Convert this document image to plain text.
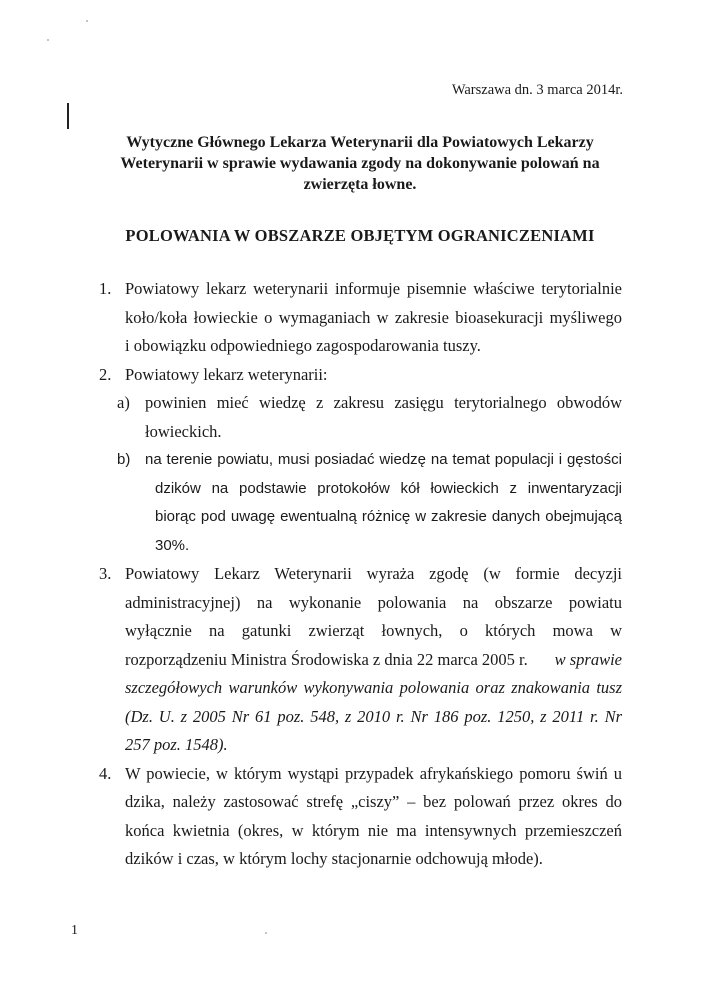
Warszawa dn. 3 marca 2014r.
Wytyczne Głównego Lekarza Weterynarii dla Powiatowych Lekarzy
Weterynarii w sprawie wydawania zgody na dokonywanie polowań na
zwierzęta łowne.
POLOWANIA W OBSZARZE OBJĘTYM OGRANICZENIAMI
1. Powiatowy lekarz weterynarii informuje pisemnie właściwe terytorialnie
koło/koła łowieckie o wymaganiach w zakresie bioasekuracji myśliwego
i obowiązku odpowiedniego zagospodarowania tuszy.
2. Powiatowy lekarz weterynarii:
a) powinien mieć wiedzę z zakresu zasięgu terytorialnego obwodów
łowieckich.
b) na terenie powiatu, musi posiadać wiedzę na temat populacji i gęstości
dzików na podstawie protokołów kół łowieckich z inwentaryzacji
biorąc pod uwagę ewentualną różnicę w zakresie danych obejmującą
30%.
3. Powiatowy Lekarz Weterynarii wyraża zgodę (w formie decyzji
administracyjnej) na wykonanie polowania na obszarze powiatu
wyłącznie na gatunki zwierząt łownych, o których mowa w
rozporządzeniu Ministra Środowiska z dnia 22 marca 2005 r. w sprawie
szczegółowych warunków wykonywania polowania oraz znakowania tusz
(Dz. U. z 2005 Nr 61 poz. 548, z 2010 r. Nr 186 poz. 1250, z 2011 r. Nr
257 poz. 1548).
4. W powiecie, w którym wystąpi przypadek afrykańskiego pomoru świń u
dzika, należy zastosować strefę „ciszy” – bez polowań przez okres do
końca kwietnia (okres, w którym nie ma intensywnych przemieszczeń
dzików i czas, w którym lochy stacjonarnie odchowują młode).
1
